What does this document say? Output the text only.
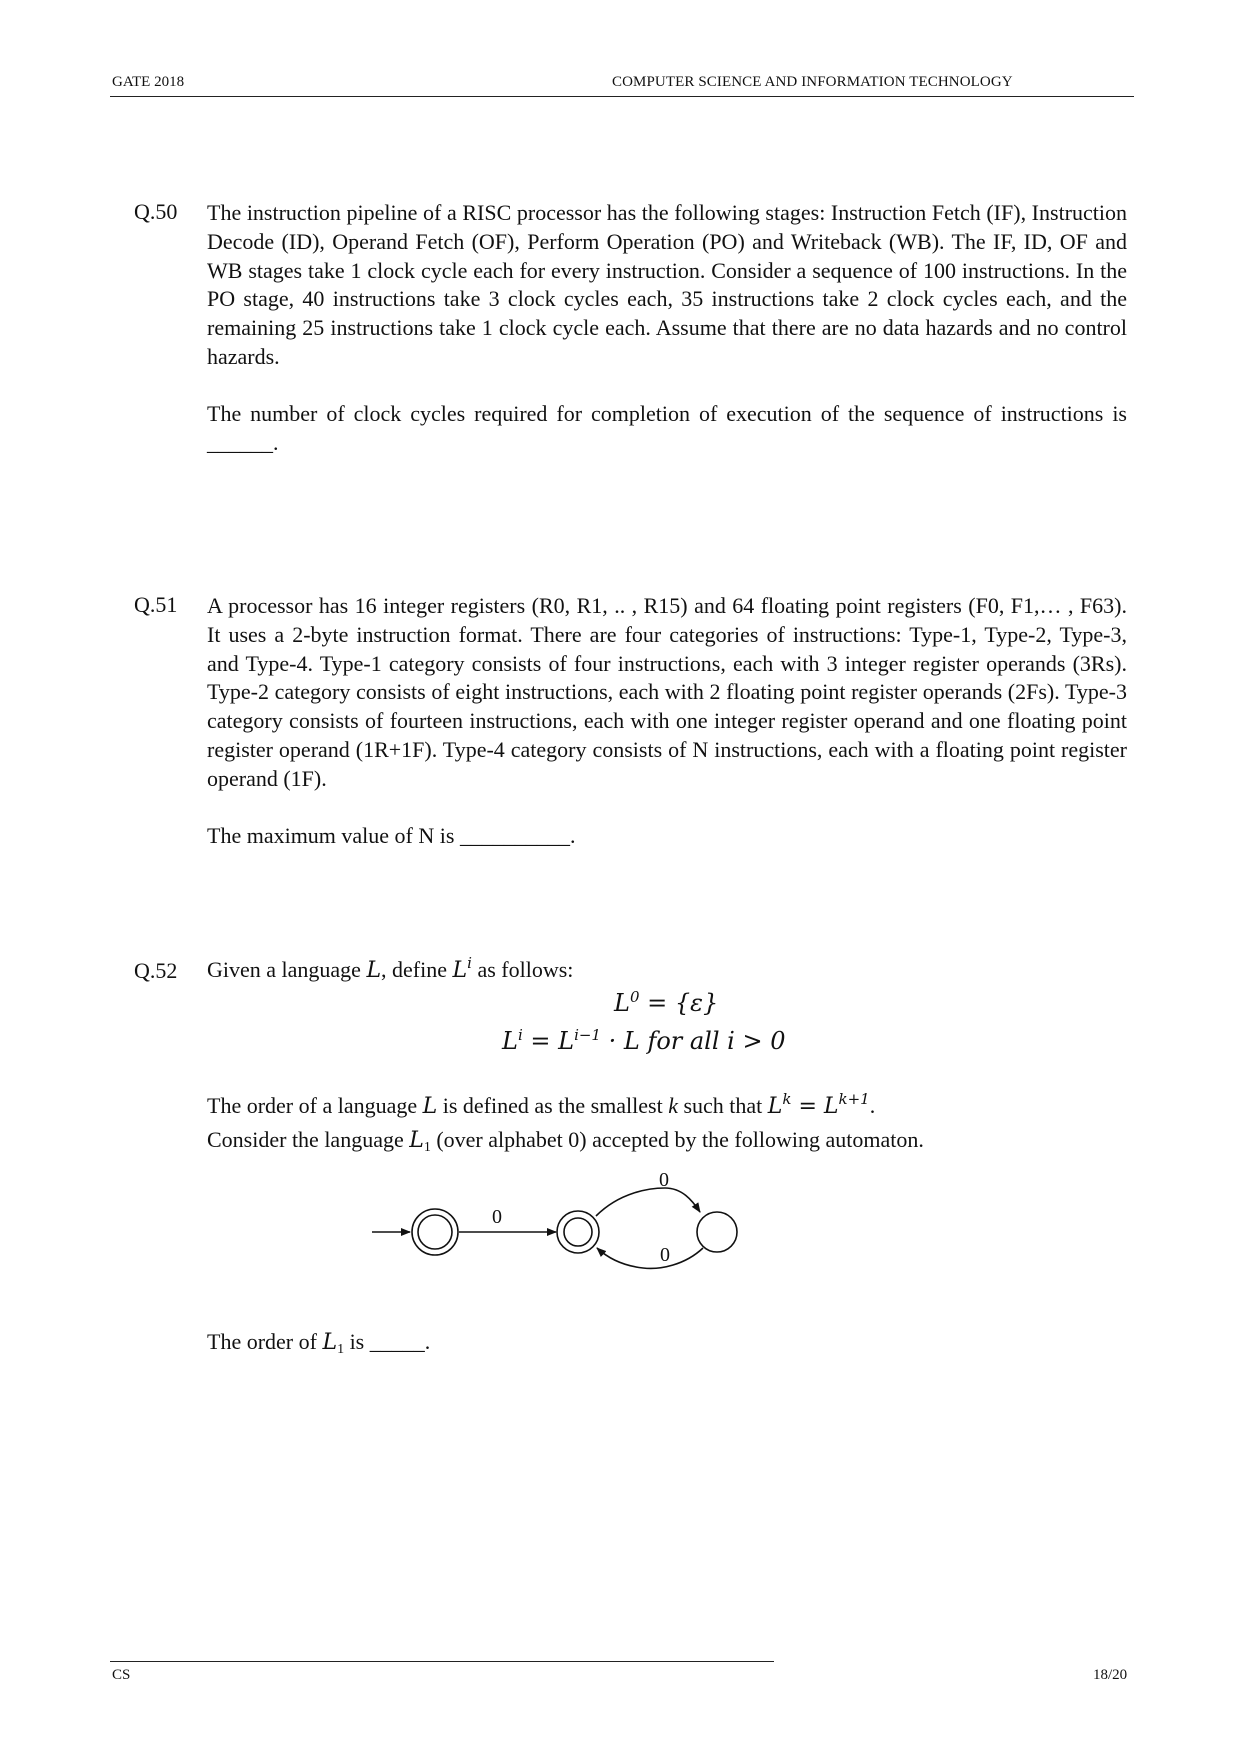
GATE 2018	COMPUTER SCIENCE AND INFORMATION TECHNOLOGY
Q.50 The instruction pipeline of a RISC processor has the following stages: Instruction Fetch (IF), Instruction Decode (ID), Operand Fetch (OF), Perform Operation (PO) and Writeback (WB). The IF, ID, OF and WB stages take 1 clock cycle each for every instruction. Consider a sequence of 100 instructions. In the PO stage, 40 instructions take 3 clock cycles each, 35 instructions take 2 clock cycles each, and the remaining 25 instructions take 1 clock cycle each. Assume that there are no data hazards and no control hazards.

The number of clock cycles required for completion of execution of the sequence of instructions is ______.

Q.51 A processor has 16 integer registers (R0, R1, .. , R15) and 64 floating point registers (F0, F1,… , F63). It uses a 2-byte instruction format. There are four categories of instructions: Type-1, Type-2, Type-3, and Type-4. Type-1 category consists of four instructions, each with 3 integer register operands (3Rs). Type-2 category consists of eight instructions, each with 2 floating point register operands (2Fs). Type-3 category consists of fourteen instructions, each with one integer register operand and one floating point register operand (1R+1F). Type-4 category consists of N instructions, each with a floating point register operand (1F).

The maximum value of N is __________.

Q.52 Given a language L, define $L^i$ as follows:
$L^0 = \{\varepsilon\}$
$L^i = L^{i-1} \cdot L$ for all i > 0

The order of a language L is defined as the smallest k such that $L^k = L^{k+1}$.

Consider the language $L_1$ (over alphabet 0) accepted by the following automaton.

0
0
0
The order of $L_1$ is _____.
CS	18/20
